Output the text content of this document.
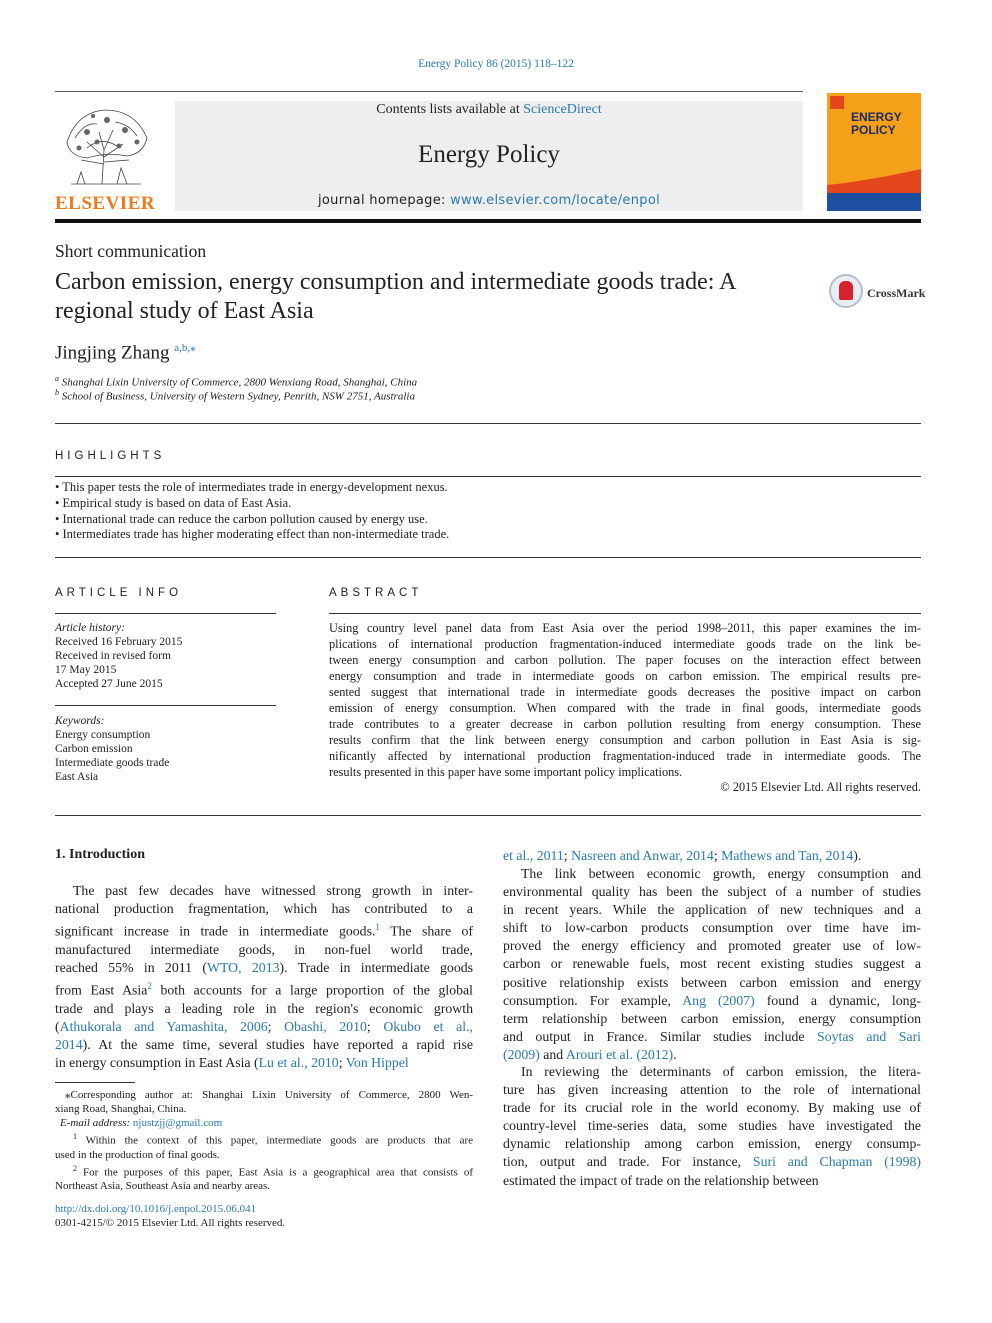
Energy Policy 86 (2015) 118–122
ELSEVIER
Contents lists available at ScienceDirect
Energy Policy
journal homepage: www.elsevier.com/locate/enpol
ENERGY
POLICY
Short communication
Carbon emission, energy consumption and intermediate goods trade: A
regional study of East Asia
CrossMark
Jingjing Zhang $^{a,b,⁎}$
$^a$ Shanghai Lixin University of Commerce, 2800 Wenxiang Road, Shanghai, China
$^b$ School of Business, University of Western Sydney, Penrith, NSW 2751, Australia
HIGHLIGHTS
• This paper tests the role of intermediates trade in energy-development nexus.
• Empirical study is based on data of East Asia.
• International trade can reduce the carbon pollution caused by energy use.
• Intermediates trade has higher moderating effect than non-intermediate trade.
ARTICLE INFO
Article history:
Received 16 February 2015
Received in revised form
17 May 2015
Accepted 27 June 2015
Keywords:
Energy consumption
Carbon emission
Intermediate goods trade
East Asia
ABSTRACT
Using country level panel data from East Asia over the period 1998–2011, this paper examines the im-
plications of international production fragmentation-induced intermediate goods trade on the link be-
tween energy consumption and carbon pollution. The paper focuses on the interaction effect between
energy consumption and trade in intermediate goods on carbon emission. The empirical results pre-
sented suggest that international trade in intermediate goods decreases the positive impact on carbon
emission of energy consumption. When compared with the trade in final goods, intermediate goods
trade contributes to a greater decrease in carbon pollution resulting from energy consumption. These
results confirm that the link between energy consumption and carbon pollution in East Asia is sig-
nificantly affected by international production fragmentation-induced trade in intermediate goods. The
results presented in this paper have some important policy implications.
© 2015 Elsevier Ltd. All rights reserved.
1. Introduction
The past few decades have witnessed strong growth in inter-
national production fragmentation, which has contributed to a
significant increase in trade in intermediate goods.$^1$ The share of
manufactured intermediate goods, in non-fuel world trade,
reached 55% in 2011 (WTO, 2013). Trade in intermediate goods
from East Asia$^2$ both accounts for a large proportion of the global
trade and plays a leading role in the region's economic growth
(Athukorala and Yamashita, 2006; Obashi, 2010; Okubo et al.,
2014). At the same time, several studies have reported a rapid rise
in energy consumption in East Asia (Lu et al., 2010; Von Hippel
et al., 2011; Nasreen and Anwar, 2014; Mathews and Tan, 2014).
The link between economic growth, energy consumption and
environmental quality has been the subject of a number of studies
in recent years. While the application of new techniques and a
shift to low-carbon products consumption over time have im-
proved the energy efficiency and promoted greater use of low-
carbon or renewable fuels, most recent existing studies suggest a
positive relationship exists between carbon emission and energy
consumption. For example, Ang (2007) found a dynamic, long-
term relationship between carbon emission, energy consumption
and output in France. Similar studies include Soytas and Sari
(2009) and Arouri et al. (2012).
In reviewing the determinants of carbon emission, the litera-
ture has given increasing attention to the role of international
trade for its crucial role in the world economy. By making use of
country-level time-series data, some studies have investigated the
dynamic relationship among carbon emission, energy consump-
tion, output and trade. For instance, Suri and Chapman (1998)
estimated the impact of trade on the relationship between
⁎Corresponding author at: Shanghai Lixin University of Commerce, 2800 Wen-
xiang Road, Shanghai, China.
E-mail address: njustzjj@gmail.com
$^1$ Within the context of this paper, intermediate goods are products that are
used in the production of final goods.
$^2$ For the purposes of this paper, East Asia is a geographical area that consists of
Northeast Asia, Southeast Asia and nearby areas.
http://dx.doi.org/10.1016/j.enpol.2015.06.041
0301-4215/© 2015 Elsevier Ltd. All rights reserved.
